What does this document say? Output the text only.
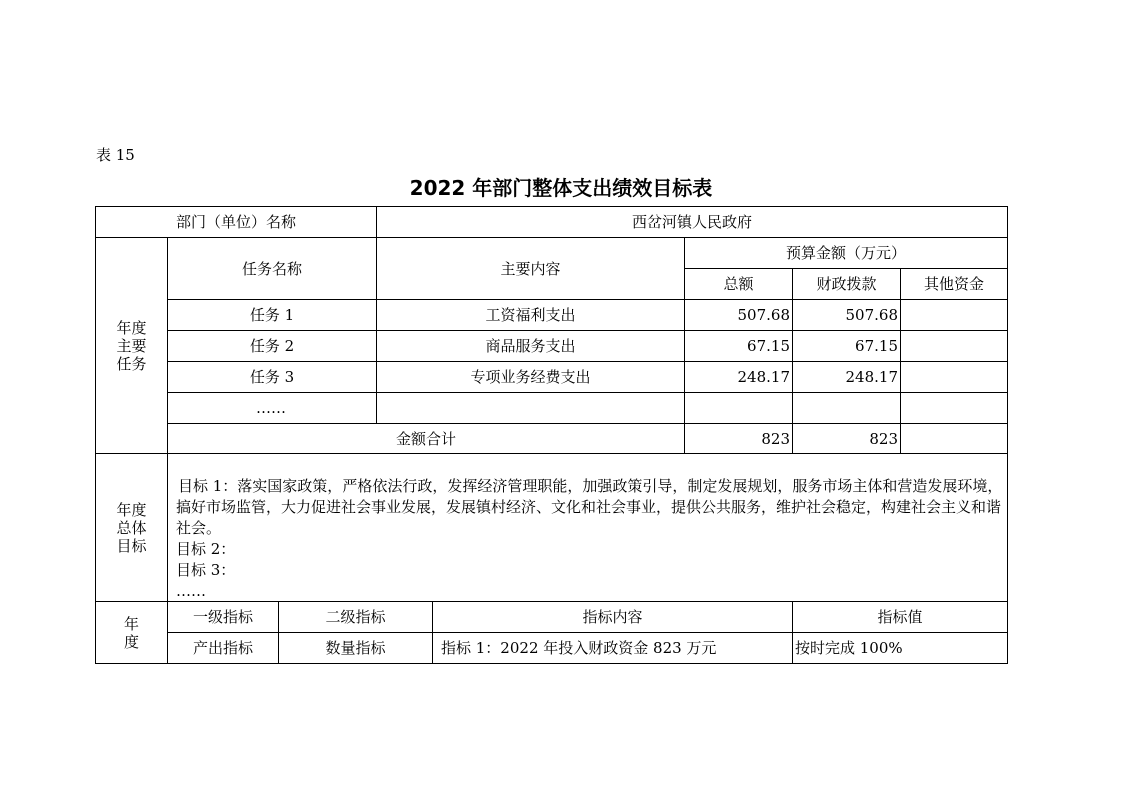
表 15
2022 年部门整体支出绩效目标表
部门（单位）名称	西岔河镇人民政府
年度
主要
任务
任务名称	主要内容
预算金额（万元）
总额	财政拨款	其他资金
任务 1	工资福利支出	507.68	507.68
任务 2	商品服务支出	67.15	67.15
任务 3	专项业务经费支出	248.17	248.17
……
金额合计	823	823
年度
总体
目标
目标 1：落实国家政策，严格依法行政，发挥经济管理职能，加强政策引导，制定发展规划，服务市场主体和营造发展环境，搞好市场监管，大力促进社会事业发展，发展镇村经济、文化和社会事业，提供公共服务，维护社会稳定，构建社会主义和谐社会。
目标 2：
目标 3：
……
年
度
一级指标	二级指标	指标内容	指标值
产出指标	数量指标	指标 1：2022 年投入财政资金 823 万元	按时完成 100%
